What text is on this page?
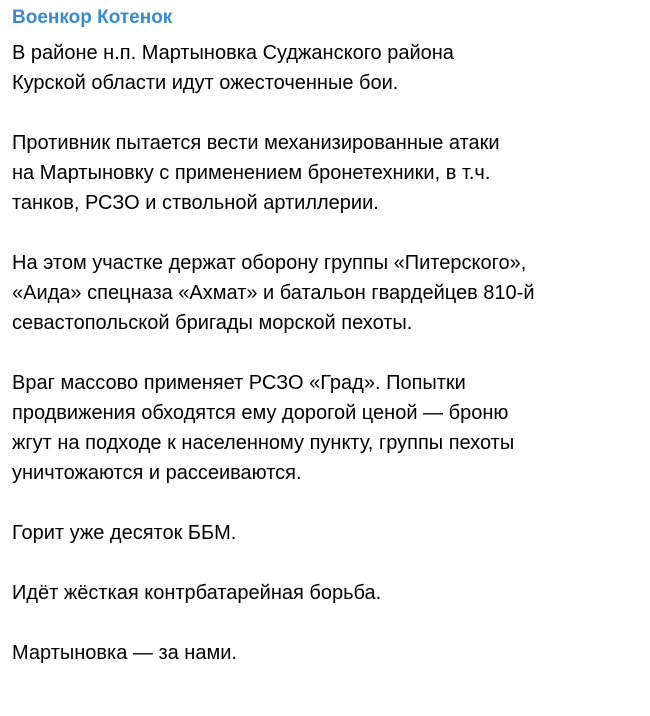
Военкор Котенок

В районе н.п. Мартыновка Суджанского района
Курской области идут ожесточенные бои.

Противник пытается вести механизированные атаки
на Мартыновку с применением бронетехники, в т.ч.
танков, РСЗО и ствольной артиллерии.

На этом участке держат оборону группы «Питерского»,
«Аида» спецназа «Ахмат» и батальон гвардейцев 810-й
севастопольской бригады морской пехоты.

Враг массово применяет РСЗО «Град». Попытки
продвижения обходятся ему дорогой ценой — броню
жгут на подходе к населенному пункту, группы пехоты
уничтожаются и рассеиваются.

Горит уже десяток ББМ.

Идёт жёсткая контрбатарейная борьба.

Мартыновка — за нами.
